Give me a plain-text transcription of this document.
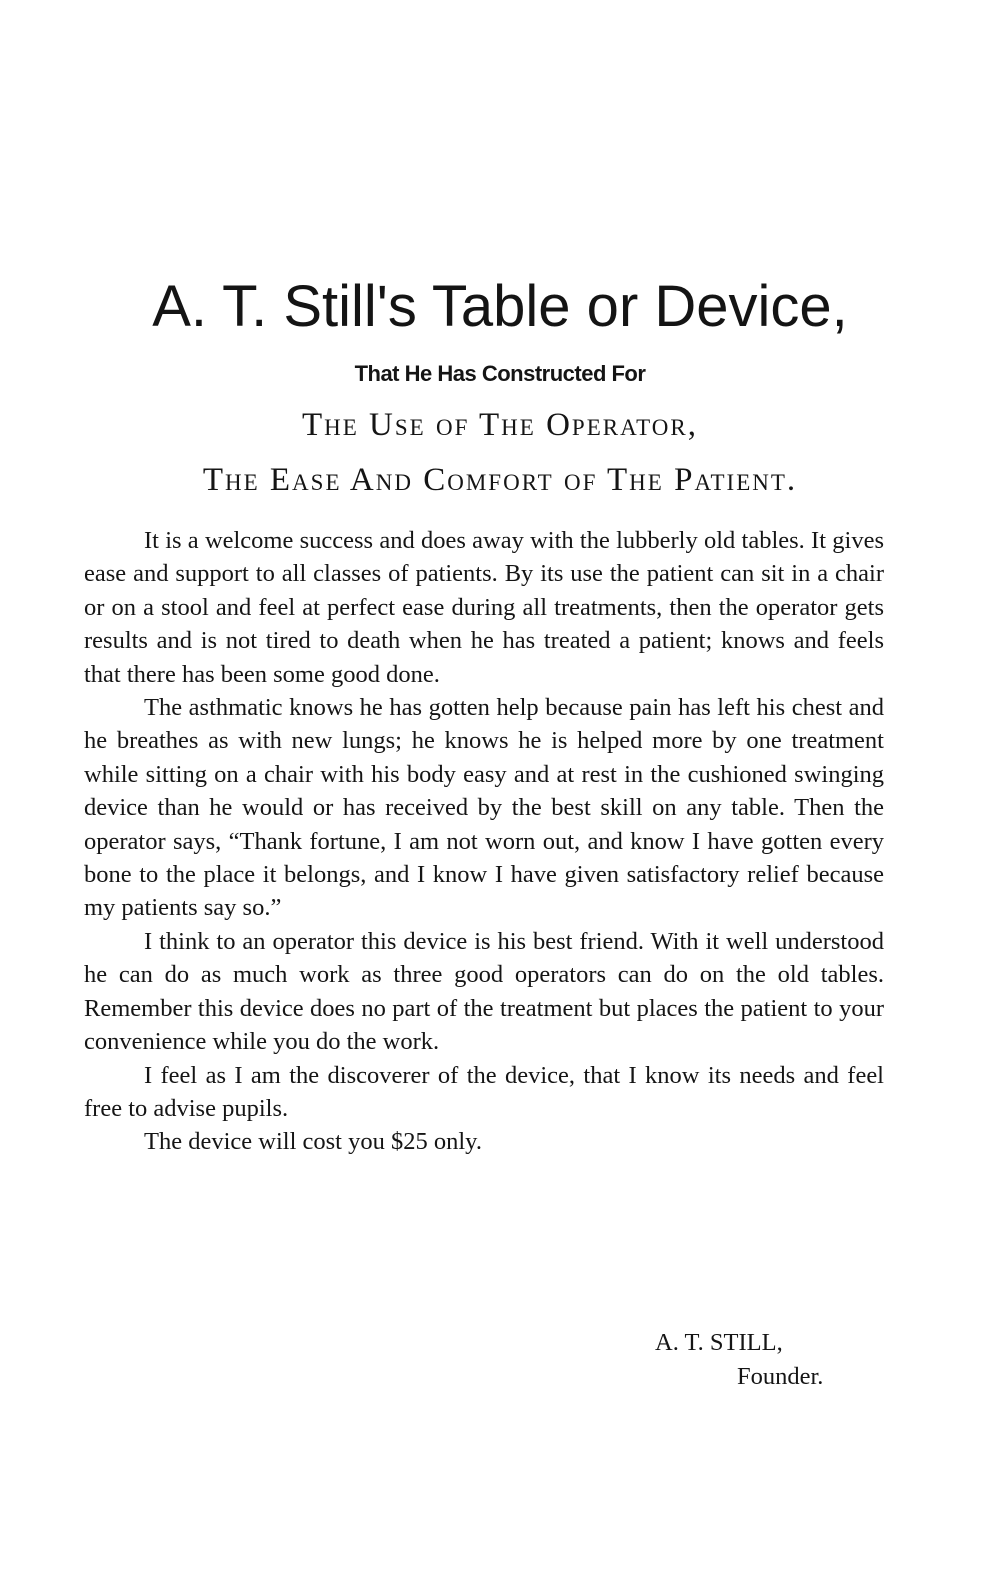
A. T. Still's Table or Device,
That He Has Constructed For
The Use of The Operator,
The Ease And Comfort of The Patient.

It is a welcome success and does away with the lubberly old tables. It gives ease and support to all classes of patients. By its use the patient can sit in a chair or on a stool and feel at perfect ease during all treatments, then the operator gets results and is not tired to death when he has treated a patient; knows and feels that there has been some good done.

The asthmatic knows he has gotten help because pain has left his chest and he breathes as with new lungs; he knows he is helped more by one treatment while sitting on a chair with his body easy and at rest in the cushioned swinging device than he would or has received by the best skill on any table. Then the operator says, “Thank fortune, I am not worn out, and know I have gotten every bone to the place it belongs, and I know I have given satisfactory relief because my patients say so.”

I think to an operator this device is his best friend. With it well understood he can do as much work as three good operators can do on the old tables. Remember this device does no part of the treatment but places the patient to your convenience while you do the work.

I feel as I am the discoverer of the device, that I know its needs and feel free to advise pupils.

The device will cost you $25 only.

A. T. STILL,
Founder.
